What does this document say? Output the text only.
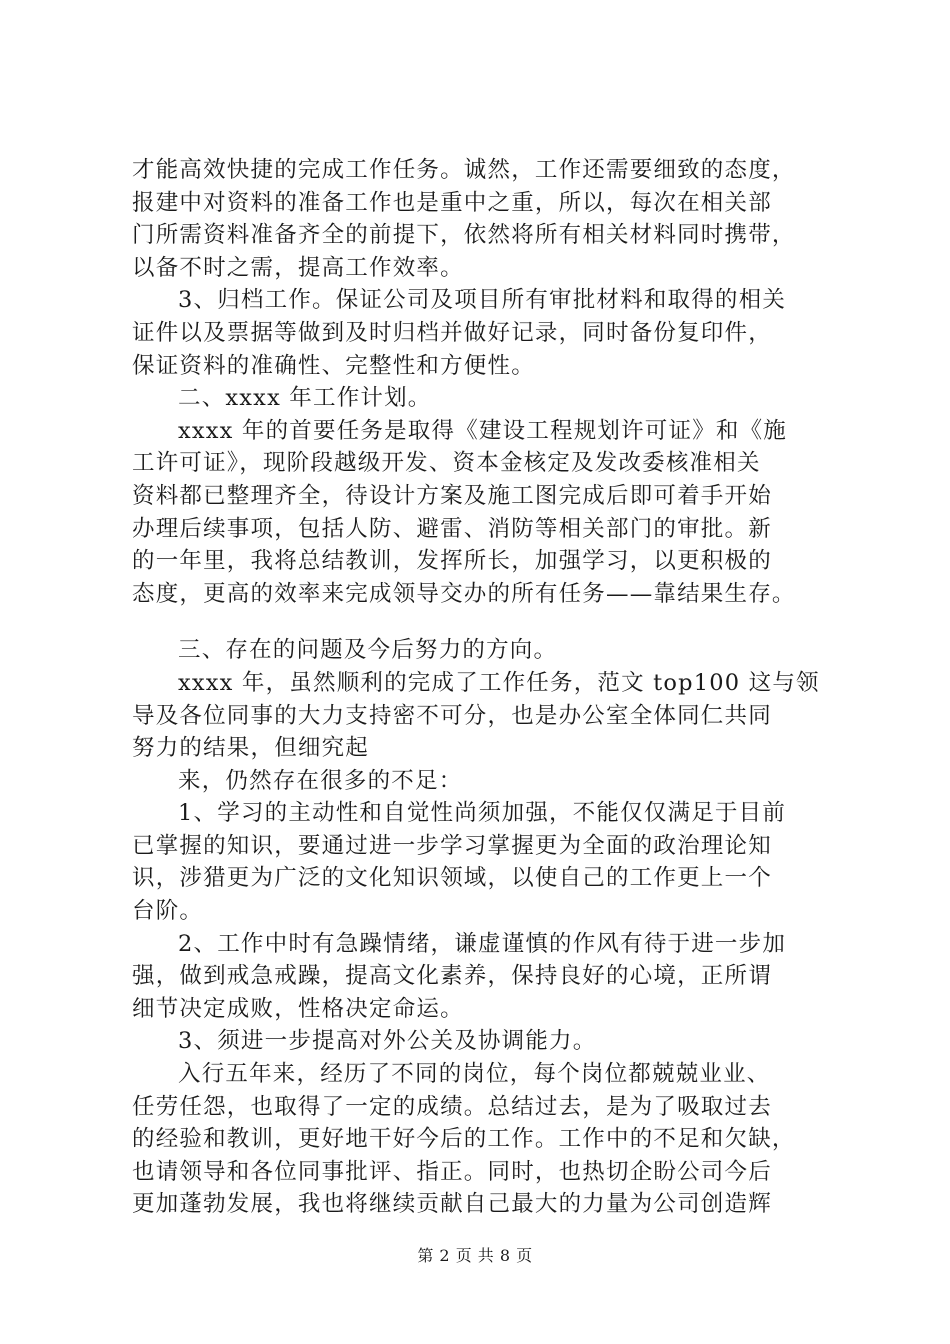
才能高效快捷的完成工作任务。诚然，工作还需要细致的态度，
报建中对资料的准备工作也是重中之重，所以，每次在相关部
门所需资料准备齐全的前提下，依然将所有相关材料同时携带，
以备不时之需，提高工作效率。
3、归档工作。保证公司及项目所有审批材料和取得的相关
证件以及票据等做到及时归档并做好记录，同时备份复印件，
保证资料的准确性、完整性和方便性。
二、xxxx 年工作计划。
xxxx 年的首要任务是取得《建设工程规划许可证》和《施
工许可证》，现阶段越级开发、资本金核定及发改委核准相关
资料都已整理齐全，待设计方案及施工图完成后即可着手开始
办理后续事项，包括人防、避雷、消防等相关部门的审批。新
的一年里，我将总结教训，发挥所长，加强学习，以更积极的
态度，更高的效率来完成领导交办的所有任务——靠结果生存。
三、存在的问题及今后努力的方向。
xxxx 年，虽然顺利的完成了工作任务，范文 top100 这与领
导及各位同事的大力支持密不可分，也是办公室全体同仁共同
努力的结果，但细究起
来，仍然存在很多的不足：
1、学习的主动性和自觉性尚须加强，不能仅仅满足于目前
已掌握的知识，要通过进一步学习掌握更为全面的政治理论知
识，涉猎更为广泛的文化知识领域，以使自己的工作更上一个
台阶。
2、工作中时有急躁情绪，谦虚谨慎的作风有待于进一步加
强，做到戒急戒躁，提高文化素养，保持良好的心境，正所谓
细节决定成败，性格决定命运。
3、须进一步提高对外公关及协调能力。
入行五年来，经历了不同的岗位，每个岗位都兢兢业业、
任劳任怨，也取得了一定的成绩。总结过去，是为了吸取过去
的经验和教训，更好地干好今后的工作。工作中的不足和欠缺，
也请领导和各位同事批评、指正。同时，也热切企盼公司今后
更加蓬勃发展，我也将继续贡献自己最大的力量为公司创造辉
第 2 页 共 8 页
